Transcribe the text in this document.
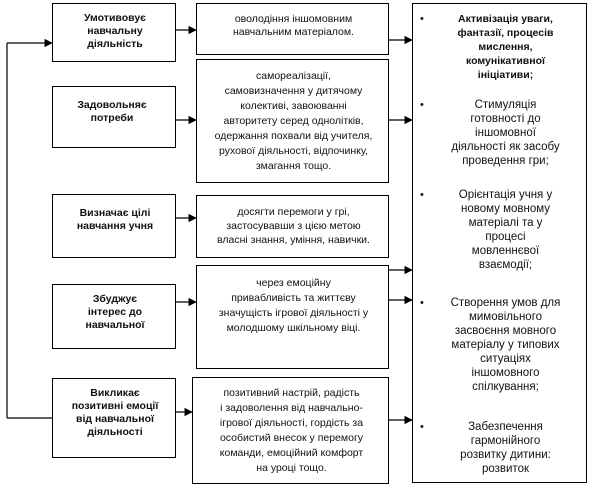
Умотивовує
навчальну
діяльність
Задовольняє
потреби
Визначає цілі
навчання учня
Збуджує
інтерес до
навчальної
Викликає
позитивні емоції
від навчальної
діяльності
оволодіння іншомовним
навчальним матеріалом.
самореалізації,
самовизначення у дитячому
колективі, завоюванні
авторитету серед однолітків,
одержання похвали від учителя,
рухової діяльності, відпочинку,
змагання тощо.
досягти перемоги у грі,
застосувавши з цією метою
власні знання, уміння, навички.
через емоційну
привабливість та життєву
значущість ігрової діяльності у
молодшому шкільному віці.
позитивний настрій, радість
і задоволення від навчально-
ігрової діяльності, гордість за
особистий внесок у перемогу
команди, емоційний комфорт
на уроці тощо.
•	Активізація уваги,
фантазії, процесів
мислення,
комунікативної
ініціативи;
•	Стимуляція
готовності до
іншомовної
діяльності як засобу
проведення гри;
•	Орієнтація учня у
новому мовному
матеріалі та у
процесі
мовленнєвої
взаємодії;
•	Створення умов для
мимовільного
засвоєння мовного
матеріалу у типових
ситуаціях
іншомовного
спілкування;
•	Забезпечення
гармонійного
розвитку дитини:
розвиток
